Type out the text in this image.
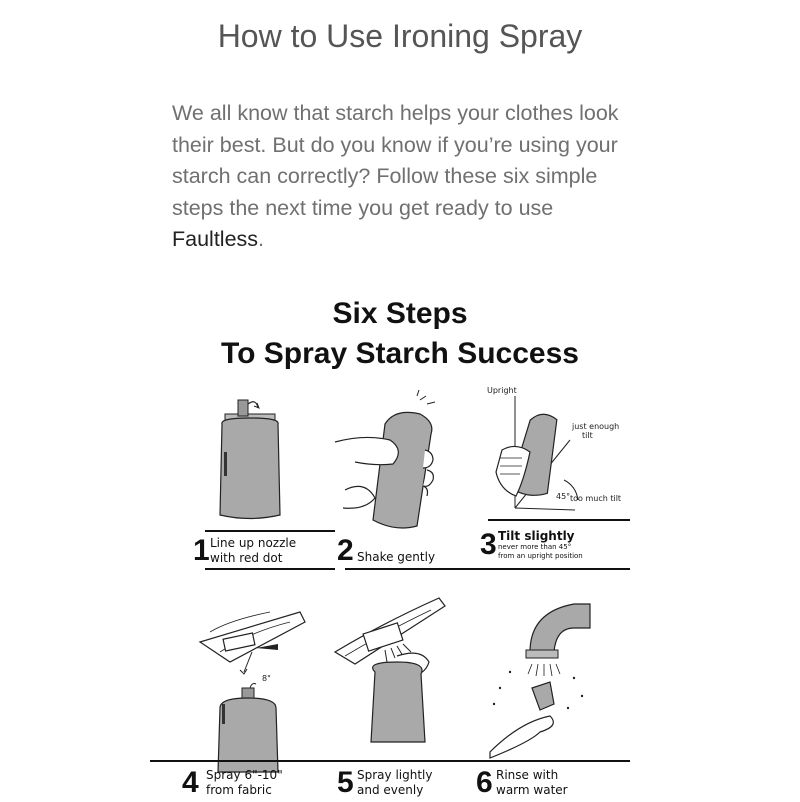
How to Use Ironing Spray

We all know that starch helps your clothes look their best. But do you know if you’re using your starch can correctly? Follow these six simple steps the next time you get ready to use Faultless.

Six Steps
To Spray Starch Success
1 Line up nozzle
with red dot	2 Shake gently
Upright
just enough
tilt
45° too much tilt
3 Tilt slightly
never more than 45°
from an upright position
8"
4 Spray 6"-10"
from fabric	5 Spray lightly
and evenly	6 Rinse with
warm water
